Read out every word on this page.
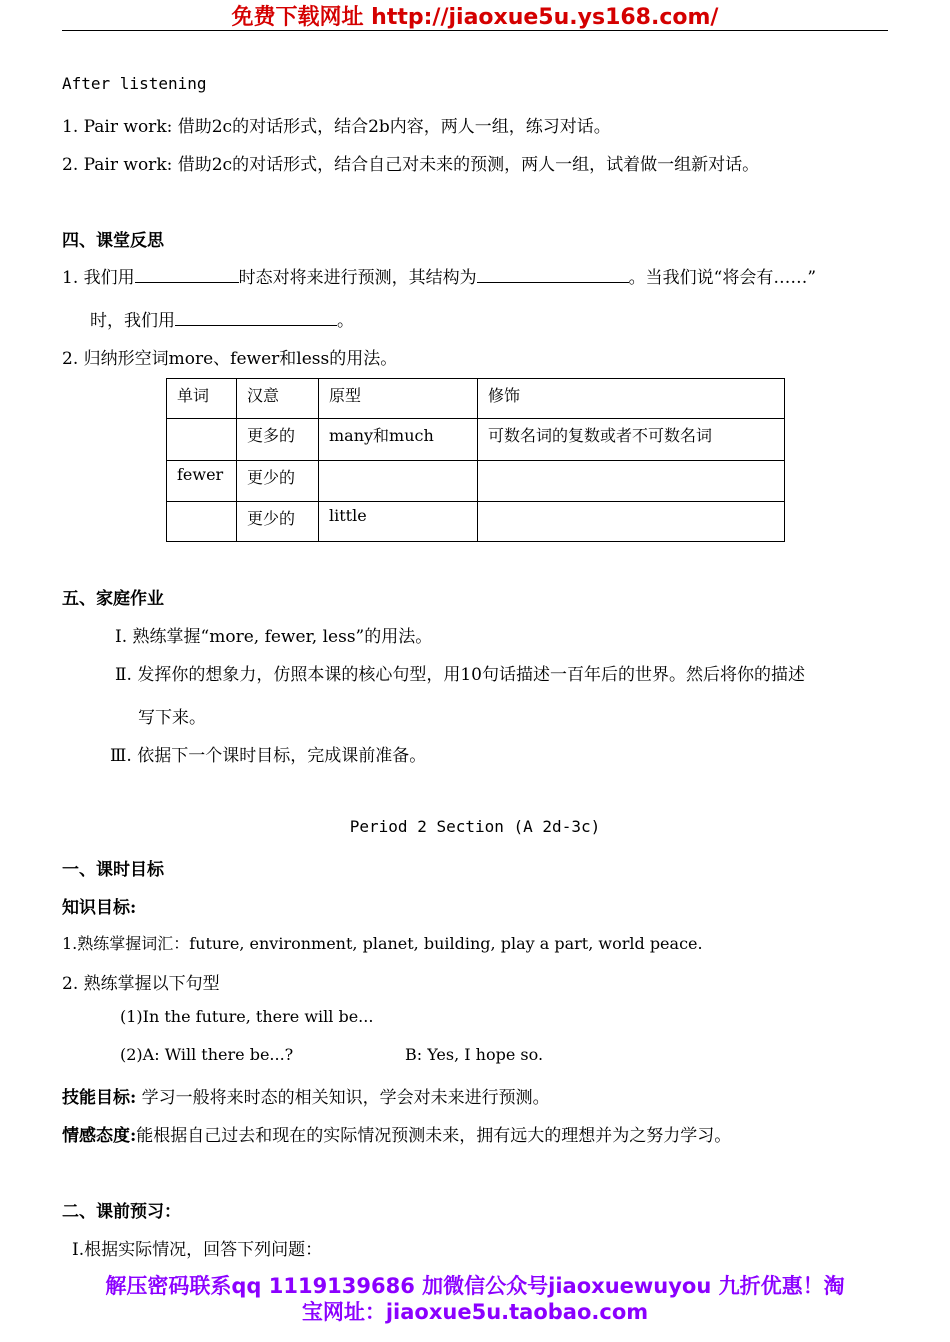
免费下载网址 http://jiaoxue5u.ys168.com/
After listening
1. Pair work: 借助2c的对话形式，结合2b内容，两人一组，练习对话。
2. Pair work: 借助2c的对话形式，结合自己对未来的预测，两人一组，试着做一组新对话。
四、课堂反思
1. 我们用	时态对将来进行预测，其结构为	。当我们说“将会有……”
时，我们用	。
2. 归纳形空词more、fewer和less的用法。
单词	汉意	原型	修饰
	更多的	many和much	可数名词的复数或者不可数名词
fewer	更少的		
	更少的	little	
五、家庭作业
Ⅰ. 熟练掌握“more, fewer, less”的用法。
Ⅱ. 发挥你的想象力，仿照本课的核心句型，用10句话描述一百年后的世界。然后将你的描述
写下来。
Ⅲ. 依据下一个课时目标，完成课前准备。
Period 2 Section (A 2d-3c)
一、课时目标
知识目标:
1.熟练掌握词汇：future, environment, planet, building, play a part, world peace.
2. 熟练掌握以下句型
(1)In the future, there will be...
(2)A: Will there be...?	B: Yes, I hope so.
技能目标: 学习一般将来时态的相关知识，学会对未来进行预测。
情感态度:能根据自己过去和现在的实际情况预测未来，拥有远大的理想并为之努力学习。
二、课前预习：
Ⅰ.根据实际情况，回答下列问题：
解压密码联系qq 1119139686 加微信公众号jiaoxuewuyou 九折优惠！淘
宝网址：jiaoxue5u.taobao.com
